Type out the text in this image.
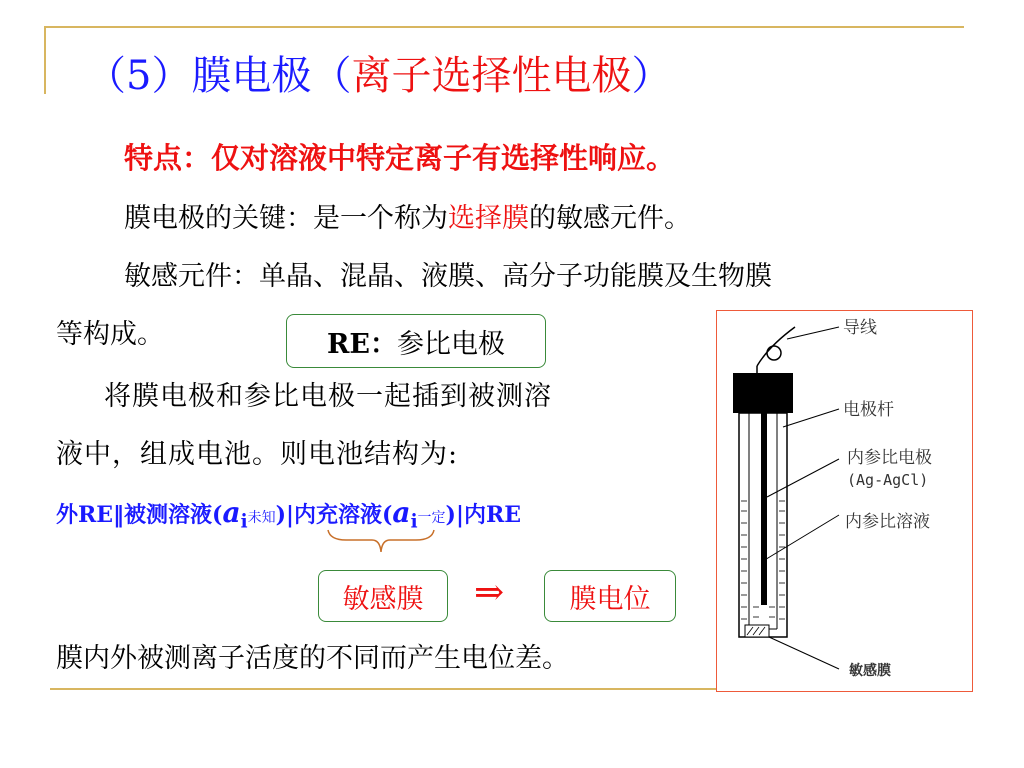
（5）膜电极（离子选择性电极）
特点：仅对溶液中特定离子有选择性响应。
膜电极的关键：是一个称为选择膜的敏感元件。
敏感元件：单晶、混晶、液膜、高分子功能膜及生物膜
等构成。	RE： 参比电极
将膜电极和参比电极一起插到被测溶
液中，组成电池。则电池结构为:
外RE‖被测溶液($a_i$未知)|内充溶液($a_i$一定)|内RE
敏感膜	⇒	膜电位
膜内外被测离子活度的不同而产生电位差。
导线
电极杆
内参比电极
(Ag-AgCl)
内参比溶液
敏感膜
